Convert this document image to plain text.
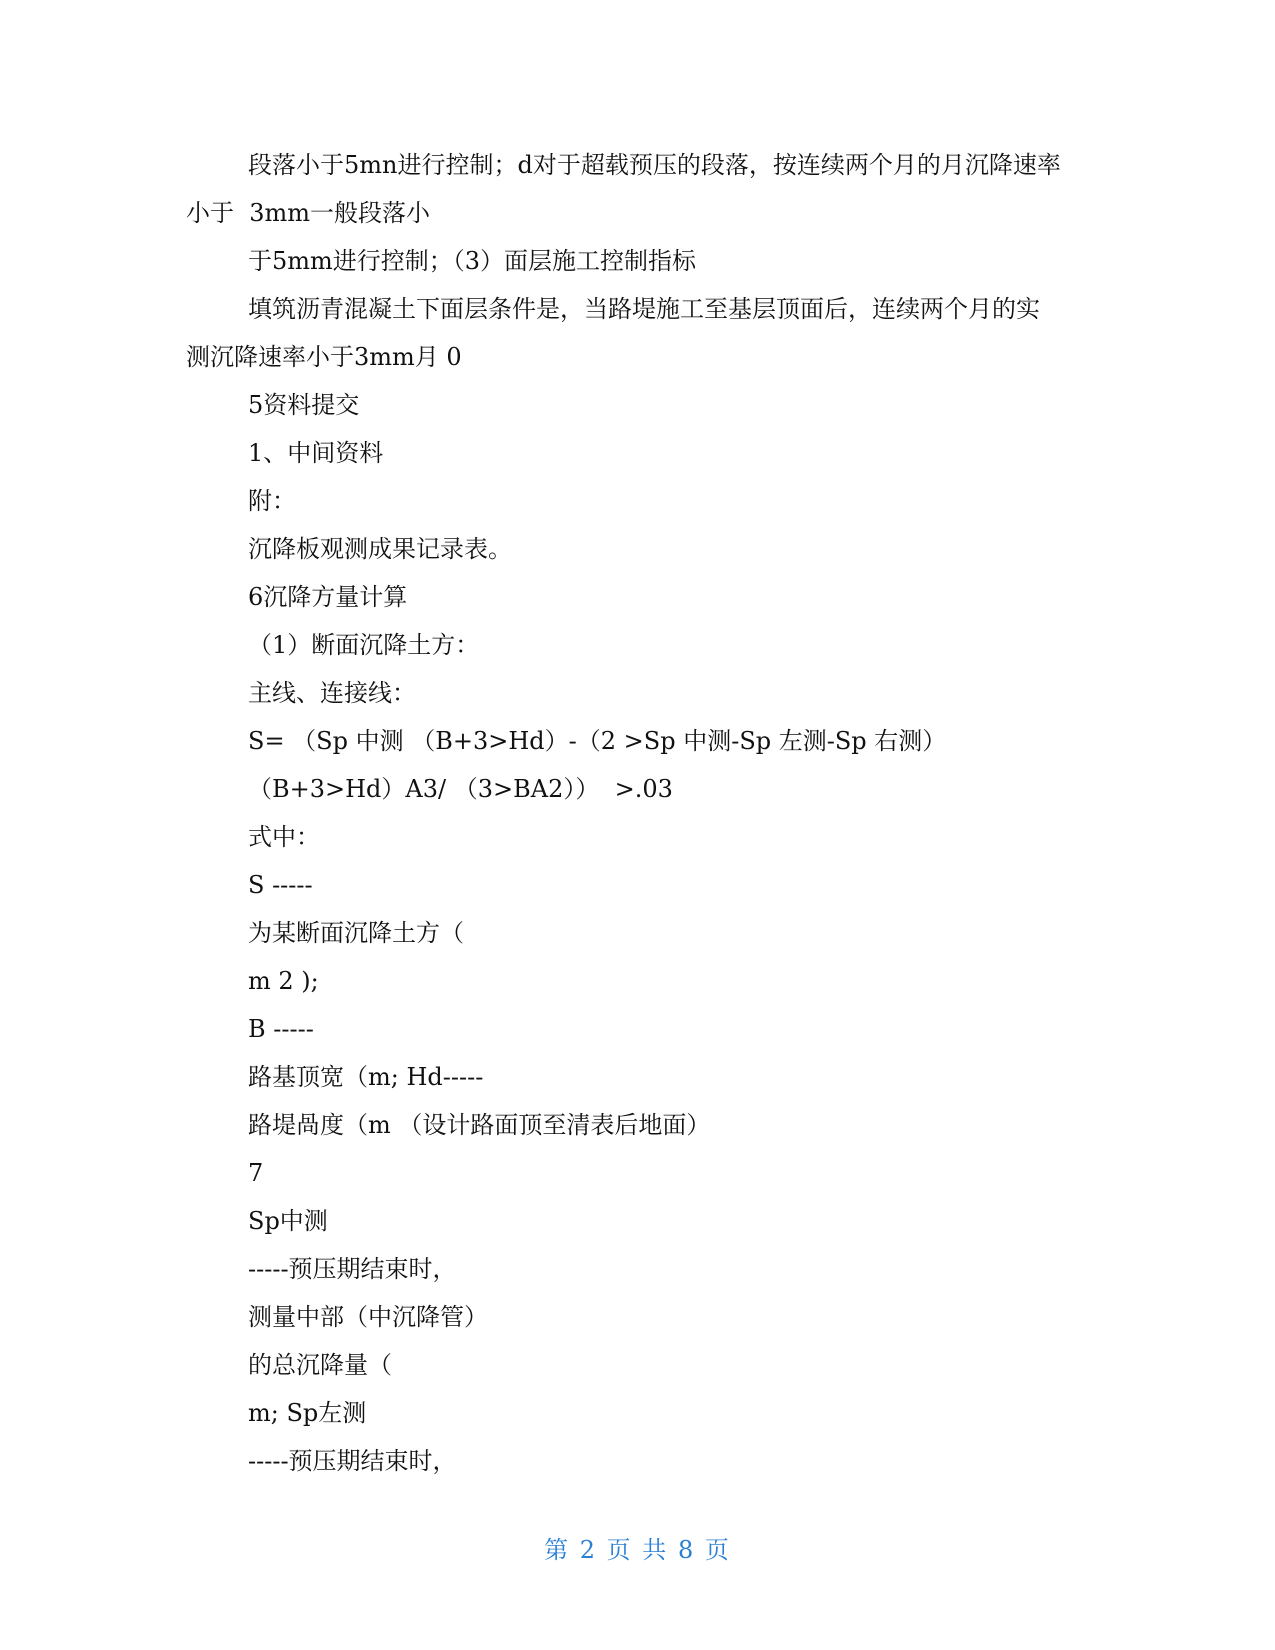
段落小于5mn进行控制；d对于超载预压的段落，按连续两个月的月沉降速率
小于  3mm一般段落小
于5mm进行控制；（3）面层施工控制指标
填筑沥青混凝土下面层条件是，当路堤施工至基层顶面后，连续两个月的实
测沉降速率小于3mm月 0
5资料提交
1、中间资料
附：
沉降板观测成果记录表。
6沉降方量计算
（1）断面沉降土方：
主线、连接线：
S= （Sp 中测 （B+3>Hd）-（2 >Sp 中测-Sp 左测-Sp 右测）
（B+3>Hd）A3/ （3>BA2））  >.03
式中：
S -----
为某断面沉降土方（
m 2 );
B -----
路基顶宽（m; Hd-----
路堤咼度（m （设计路面顶至清表后地面）
7
Sp中测
-----预压期结束时，
测量中部（中沉降管）
的总沉降量（
m; Sp左测
-----预压期结束时，
第 2 页 共 8 页
